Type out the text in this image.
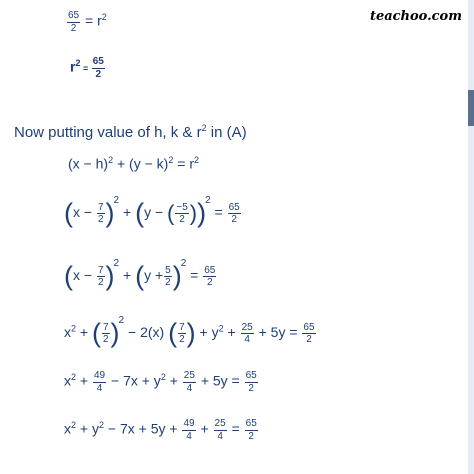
teachoo.com
$\frac{65}{2} = r^2$
$r^2 = \frac{65}{2}$
Now putting value of h, k & $r^2$ in (A)
$(x - h)^2 + (y - k)^2 = r^2$
$(x - \frac{7}{2} )^2 + (y$ − ( $\frac{-5}{2} ))^2 = \frac{65}{2}$
$(x - \frac{7}{2} )^2 + (y + \frac{5}{2} )^2 = \frac{65}{2}$
$x^2$ + ( $\frac{7}{2} )^2 - 2(x)$ ( $\frac{7}{2}$ ) + $y^2 + \frac{25}{4} + 5y = \frac{65}{2}$
$x^2 + \frac{49}{4} - 7x + y^2 + \frac{25}{4} + 5y = \frac{65}{2}$
$x^2 + y^2 - 7x + 5y + \frac{49}{4} + \frac{25}{4} = \frac{65}{2}$
